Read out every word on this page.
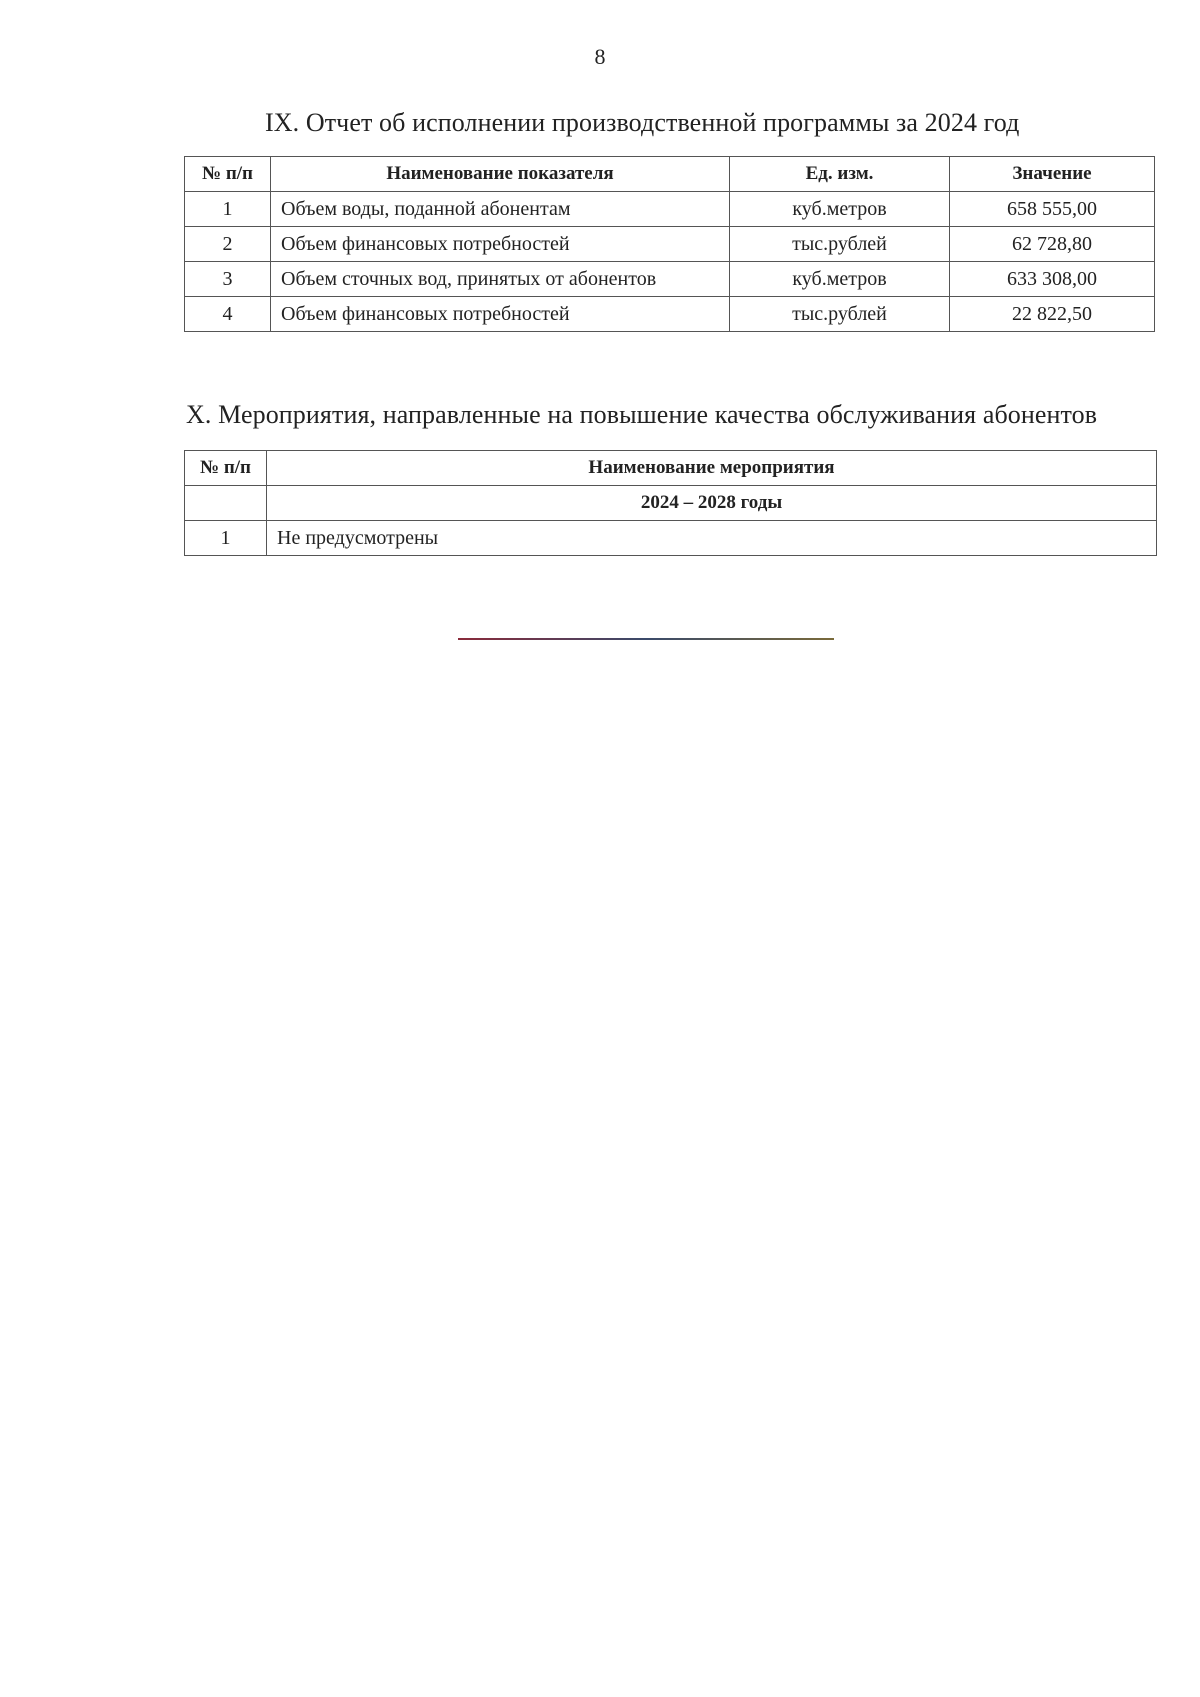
8
IX. Отчет об исполнении производственной программы за 2024 год
№ п/п	Наименование показателя	Ед. изм.	Значение
1	Объем воды, поданной абонентам	куб.метров	658 555,00
2	Объем финансовых потребностей	тыс.рублей	62 728,80
3	Объем сточных вод, принятых от абонентов	куб.метров	633 308,00
4	Объем финансовых потребностей	тыс.рублей	22 822,50
X. Мероприятия, направленные на повышение качества обслуживания абонентов
№ п/п	Наименование мероприятия
	2024 – 2028 годы
1	Не предусмотрены
